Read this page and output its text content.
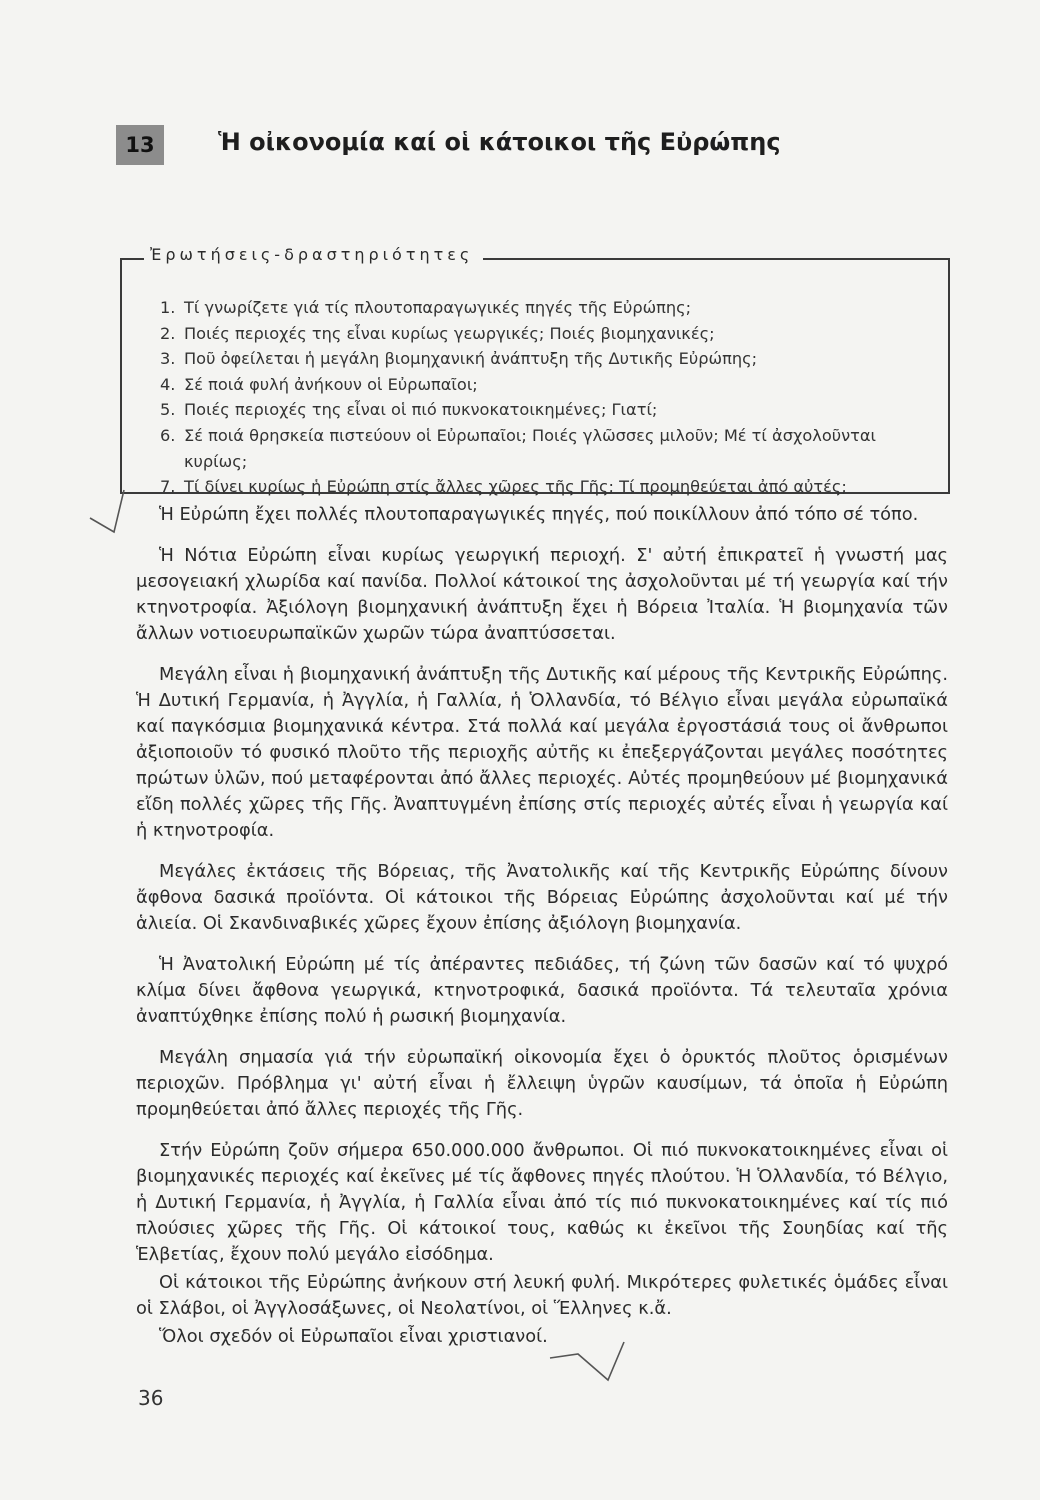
13	Ἡ οἰκονομία καί οἱ κάτοικοι τῆς Εὐρώπης
Ἐρωτήσεις-δραστηριότητες
1. Τί γνωρίζετε γιά τίς πλουτοπαραγωγικές πηγές τῆς Εὐρώπης;
2. Ποιές περιοχές της εἶναι κυρίως γεωργικές; Ποιές βιομηχανικές;
3. Ποῦ ὀφείλεται ἡ μεγάλη βιομηχανική ἀνάπτυξη τῆς Δυτικῆς Εὐρώπης;
4. Σέ ποιά φυλή ἀνήκουν οἱ Εὐρωπαῖοι;
5. Ποιές περιοχές της εἶναι οἱ πιό πυκνοκατοικημένες; Γιατί;
6. Σέ ποιά θρησκεία πιστεύουν οἱ Εὐρωπαῖοι; Ποιές γλῶσσες μιλοῦν; Μέ τί ἀσχολοῦνται κυρίως;
7. Τί δίνει κυρίως ἡ Εὐρώπη στίς ἄλλες χῶρες τῆς Γῆς; Τί προμηθεύεται ἀπό αὐτές;

Ἡ Εὐρώπη ἔχει πολλές πλουτοπαραγωγικές πηγές, πού ποικίλλουν ἀπό τόπο σέ τόπο.

Ἡ Νότια Εὐρώπη εἶναι κυρίως γεωργική περιοχή. Σ' αὐτή ἐπικρατεῖ ἡ γνωστή μας μεσογειακή χλωρίδα καί πανίδα. Πολλοί κάτοικοί της ἀσχολοῦνται μέ τή γεωργία καί τήν κτηνοτροφία. Ἀξιόλογη βιομηχανική ἀνάπτυξη ἔχει ἡ Βόρεια Ἰταλία. Ἡ βιομηχανία τῶν ἄλλων νοτιοευρωπαϊκῶν χωρῶν τώρα ἀναπτύσσεται.

Μεγάλη εἶναι ἡ βιομηχανική ἀνάπτυξη τῆς Δυτικῆς καί μέρους τῆς Κεντρικῆς Εὐρώπης. Ἡ Δυτική Γερμανία, ἡ Ἀγγλία, ἡ Γαλλία, ἡ Ὁλλανδία, τό Βέλγιο εἶναι μεγάλα εὐρωπαϊκά καί παγκόσμια βιομηχανικά κέντρα. Στά πολλά καί μεγάλα ἐργοστάσιά τους οἱ ἄνθρωποι ἀξιοποιοῦν τό φυσικό πλοῦτο τῆς περιοχῆς αὐτῆς κι ἐπεξεργάζονται μεγάλες ποσότητες πρώτων ὑλῶν, πού μεταφέρονται ἀπό ἄλλες περιοχές. Αὐτές προμηθεύουν μέ βιομηχανικά εἴδη πολλές χῶρες τῆς Γῆς. Ἀναπτυγμένη ἐπίσης στίς περιοχές αὐτές εἶναι ἡ γεωργία καί ἡ κτηνοτροφία.

Μεγάλες ἐκτάσεις τῆς Βόρειας, τῆς Ἀνατολικῆς καί τῆς Κεντρικῆς Εὐρώπης δίνουν ἄφθονα δασικά προϊόντα. Οἱ κάτοικοι τῆς Βόρειας Εὐρώπης ἀσχολοῦνται καί μέ τήν ἁλιεία. Οἱ Σκανδιναβικές χῶρες ἔχουν ἐπίσης ἀξιόλογη βιομηχανία.

Ἡ Ἀνατολική Εὐρώπη μέ τίς ἀπέραντες πεδιάδες, τή ζώνη τῶν δασῶν καί τό ψυχρό κλίμα δίνει ἄφθονα γεωργικά, κτηνοτροφικά, δασικά προϊόντα. Τά τελευταῖα χρόνια ἀναπτύχθηκε ἐπίσης πολύ ἡ ρωσική βιομηχανία.

Μεγάλη σημασία γιά τήν εὐρωπαϊκή οἰκονομία ἔχει ὁ ὀρυκτός πλοῦτος ὁρισμένων περιοχῶν. Πρόβλημα γι' αὐτή εἶναι ἡ ἔλλειψη ὑγρῶν καυσίμων, τά ὁποῖα ἡ Εὐρώπη προμηθεύεται ἀπό ἄλλες περιοχές τῆς Γῆς.

Στήν Εὐρώπη ζοῦν σήμερα 650.000.000 ἄνθρωποι. Οἱ πιό πυκνοκατοικημένες εἶναι οἱ βιομηχανικές περιοχές καί ἐκεῖνες μέ τίς ἄφθονες πηγές πλούτου. Ἡ Ὁλλανδία, τό Βέλγιο, ἡ Δυτική Γερμανία, ἡ Ἀγγλία, ἡ Γαλλία εἶναι ἀπό τίς πιό πυκνοκατοικημένες καί τίς πιό πλούσιες χῶρες τῆς Γῆς. Οἱ κάτοικοί τους, καθώς κι ἐκεῖνοι τῆς Σουηδίας καί τῆς Ἑλβετίας, ἔχουν πολύ μεγάλο εἰσόδημα.

Οἱ κάτοικοι τῆς Εὐρώπης ἀνήκουν στή λευκή φυλή. Μικρότερες φυλετικές ὁμάδες εἶναι οἱ Σλάβοι, οἱ Ἀγγλοσάξωνες, οἱ Νεολατίνοι, οἱ Ἕλληνες κ.ἄ.

Ὅλοι σχεδόν οἱ Εὐρωπαῖοι εἶναι χριστιανοί.

36
